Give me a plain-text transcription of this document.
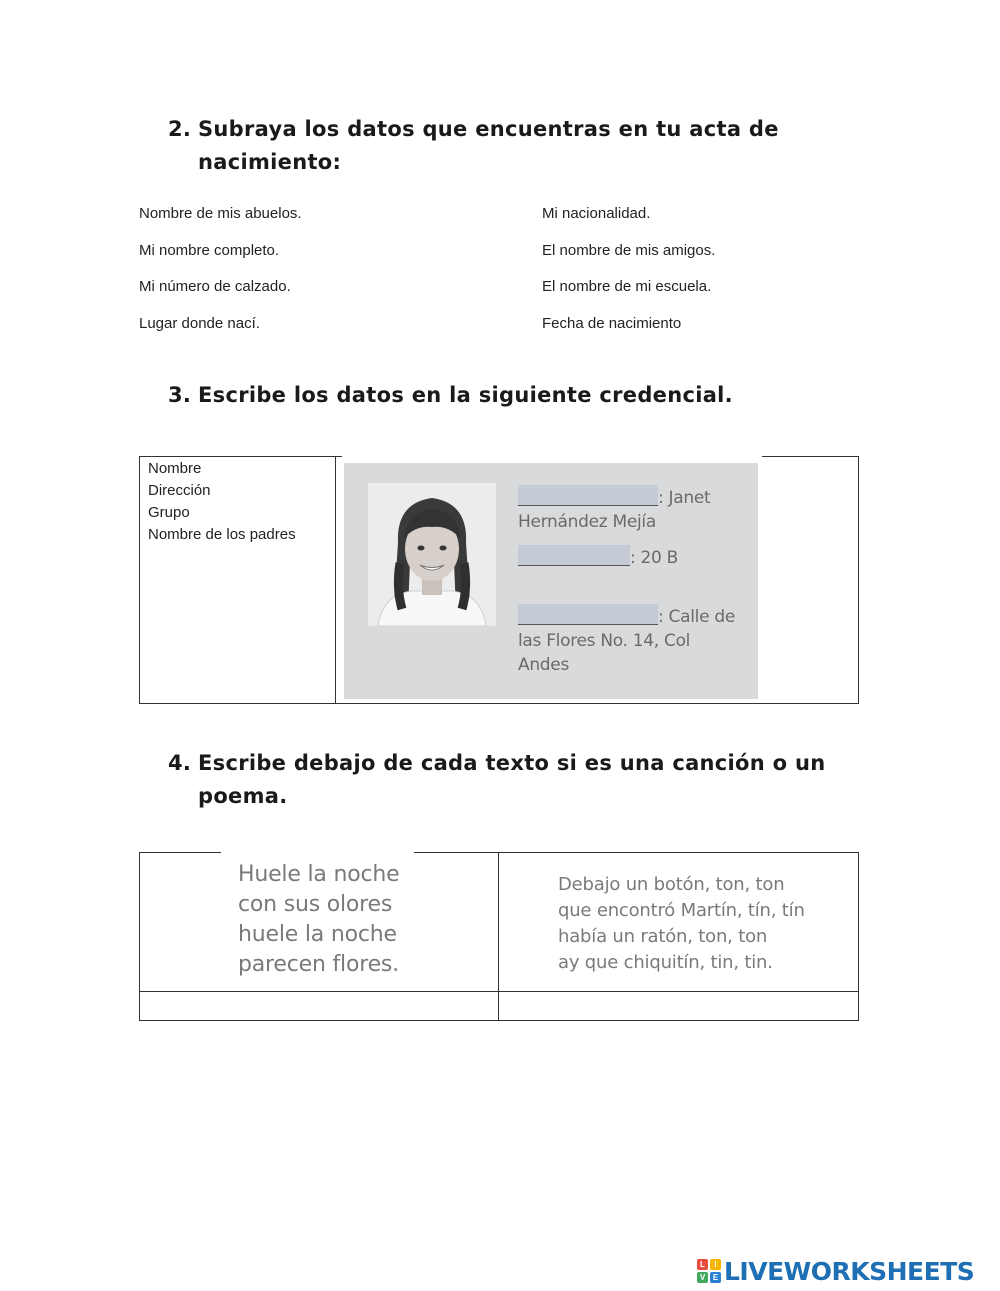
2. Subraya los datos que encuentras en tu acta de
nacimiento:
Nombre de mis abuelos.
Mi nombre completo.
Mi número de calzado.
Lugar donde nací.
Mi nacionalidad.
El nombre de mis amigos.
El nombre de mi escuela.
Fecha de nacimiento
3. Escribe los datos en la siguiente credencial.
Nombre
Dirección
Grupo
Nombre de los padres
: Janet
Hernández Mejía
: 20 B
: Calle de
las Flores No. 14, Col
Andes
4. Escribe debajo de cada texto si es una canción o un
poema.
Huele la noche
con sus olores
huele la noche
parecen flores.
Debajo un botón, ton, ton
que encontró Martín, tín, tín
había un ratón, ton, ton
ay que chiquitín, tin, tin.
L	I
V E LIVEWORKSHEETS
